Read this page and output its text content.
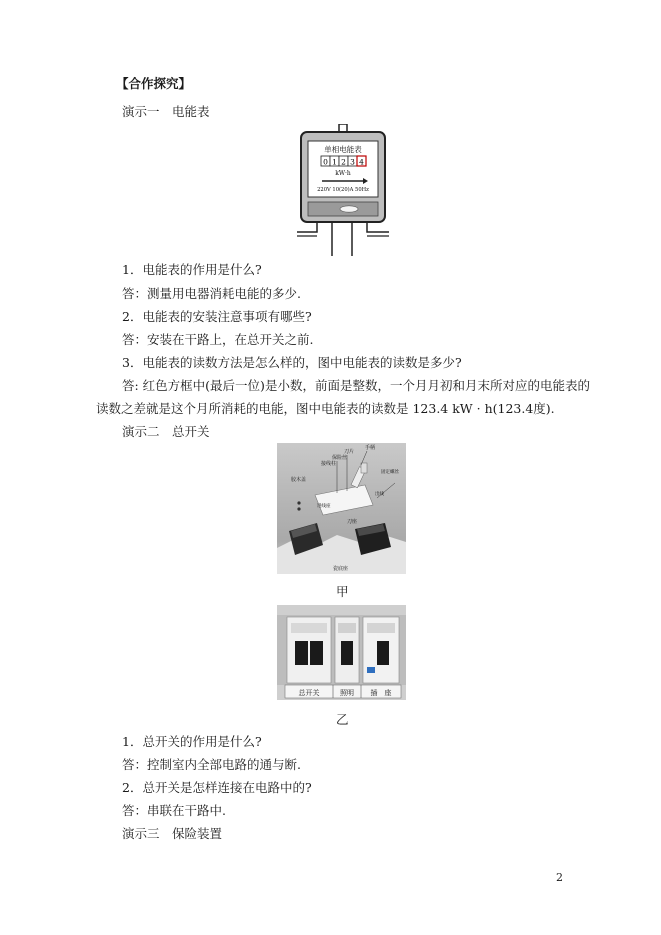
【合作探究】
演示一　电能表
单相电能表
0 1 2 3 4
kW·h
220V 10(20)A 50Hz
1．电能表的作用是什么?
答：测量用电器消耗电能的多少.
2．电能表的安装注意事项有哪些?
答：安装在干路上，在总开关之前.
3．电能表的读数方法是怎么样的，图中电能表的读数是多少?
答: 红色方框中(最后一位)是小数，前面是整数，一个月月初和月末所对应的电能表的
读数之差就是这个月所消耗的电能，图中电能表的读数是 123.4 kW · h(123.4度).
演示二　总开关
胶木盖
接线柱
保险丝
刀片
手柄
固定螺丝
刀座
瓷底座
进线座
出线
甲
总开关	照明 插　座
乙
1．总开关的作用是什么?
答：控制室内全部电路的通与断.
2．总开关是怎样连接在电路中的?
答：串联在干路中.
演示三　保险装置
2
